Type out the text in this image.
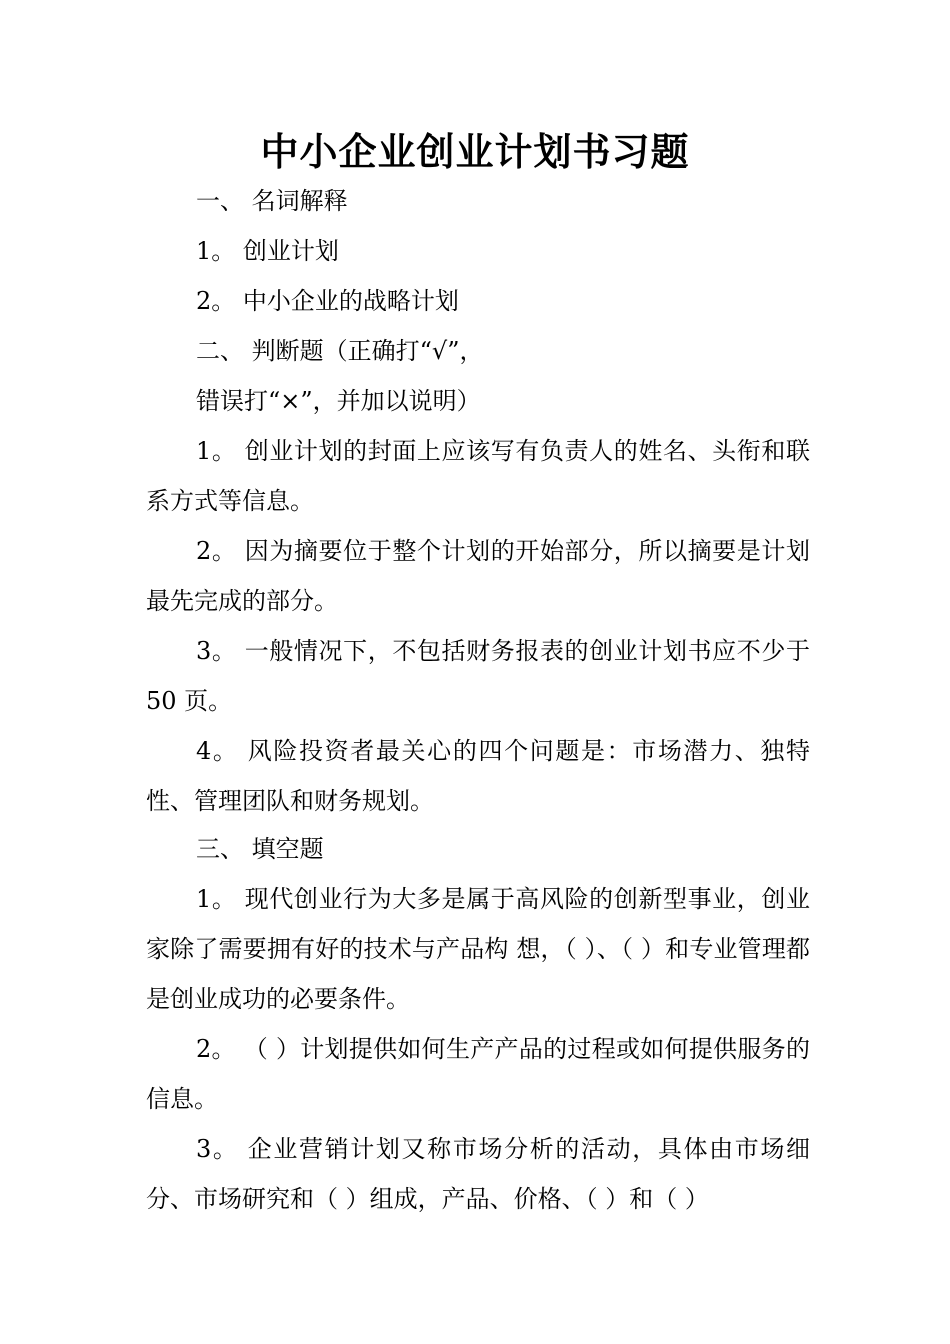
中小企业创业计划书习题
一、 名词解释
1。 创业计划
2。 中小企业的战略计划
二、 判断题（正确打“√”，
错误打“×”，并加以说明）

1。 创业计划的封面上应该写有负责人的姓名、头衔和联系方式等信息。

2。 因为摘要位于整个计划的开始部分，所以摘要是计划最先完成的部分。

3。 一般情况下，不包括财务报表的创业计划书应不少于50 页。

4。 风险投资者最关心的四个问题是：市场潜力、独特性、管理团队和财务规划。

三、 填空题

1。 现代创业行为大多是属于高风险的创新型事业，创业家除了需要拥有好的技术与产品构 想，（ ）、（ ）和专业管理都是创业成功的必要条件。

2。 （ ）计划提供如何生产产品的过程或如何提供服务的信息。

3。 企业营销计划又称市场分析的活动，具体由市场细分、市场研究和（ ）组成，产品、价格、（ ）和（ ）
